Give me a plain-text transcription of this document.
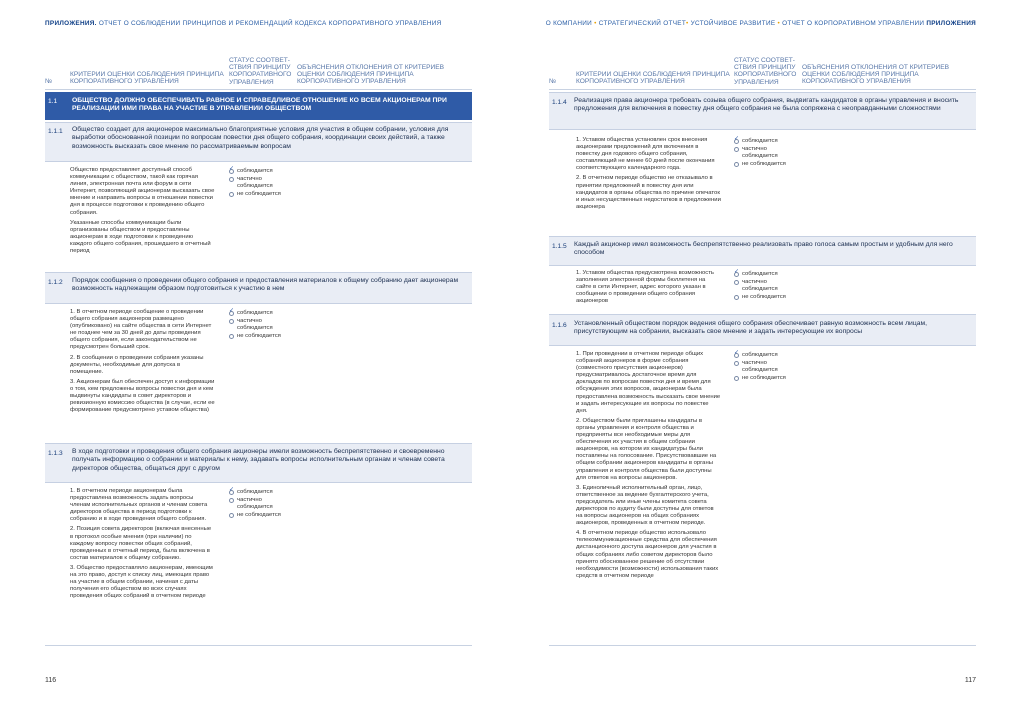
ПРИЛОЖЕНИЯ. ОТЧЕТ О СОБЛЮДЕНИИ ПРИНЦИПОВ И РЕКОМЕНДАЦИЙ КОДЕКСА КОРПОРАТИВНОГО УПРАВЛЕНИЯ
№
КРИТЕРИИ ОЦЕНКИ СОБЛЮДЕНИЯ ПРИНЦИПА КОРПОРАТИВНОГО УПРАВЛЕНИЯ
СТАТУС СООТВЕТ-СТВИЯ ПРИНЦИПУ КОРПОРАТИВНОГО УПРАВЛЕНИЯ
ОБЪЯСНЕНИЯ ОТКЛОНЕНИЯ ОТ КРИТЕРИЕВ ОЦЕНКИ СОБЛЮДЕНИЯ ПРИНЦИПА КОРПОРАТИВНОГО УПРАВЛЕНИЯ
1.1 ОБЩЕСТВО ДОЛЖНО ОБЕСПЕЧИВАТЬ РАВНОЕ И СПРАВЕДЛИВОЕ ОТНОШЕНИЕ КО ВСЕМ АКЦИОНЕРАМ ПРИ РЕАЛИЗАЦИИ ИМИ ПРАВА НА УЧАСТИЕ В УПРАВЛЕНИИ ОБЩЕСТВОМ
1.1.1 Общество создает для акционеров максимально благоприятные условия для участия в общем собрании, условия для выработки обоснованной позиции по вопросам повестки дня общего собрания, координации своих действий, а также возможность высказать свое мнение по рассматриваемым вопросам

Общество предоставляет доступный способ коммуникации с обществом, такой как горячая линия, электронная почта или форум в сети Интернет, позволяющий акционерам высказать свое мнение и направить вопросы в отношении повестки дня в процессе подготовки к проведению общего собрания.

Указанные способы коммуникации были организованы обществом и предоставлены акционерам в ходе подготовки к проведению каждого общего собрания, прошедшего в отчетный период

✓
соблюдается
частично соблюдается
не соблюдается
1.1.2 Порядок сообщения о проведении общего собрания и предоставления материалов к общему собранию дает акционерам возможность надлежащим образом подготовиться к участию в нем

1. В отчетном периоде сообщение о проведении общего собрания акционеров размещено (опубликовано) на сайте общества в сети Интернет не позднее чем за 30 дней до даты проведения общего собрания, если законодательством не предусмотрен больший срок.

2. В сообщении о проведении собрания указаны документы, необходимые для допуска в помещение.

3. Акционерам был обеспечен доступ к информации о том, кем предложены вопросы повестки дня и кем выдвинуты кандидаты в совет директоров и ревизионную комиссию общества (в случае, если ее формирование предусмотрено уставом общества)

✓
соблюдается
частично соблюдается
не соблюдается
1.1.3 В ходе подготовки и проведения общего собрания акционеры имели возможность беспрепятственно и своевременно получать информацию о собрании и материалы к нему, задавать вопросы исполнительным органам и членам совета директоров общества, общаться друг с другом

1. В отчетном периоде акционерам была предоставлена возможность задать вопросы членам исполнительных органов и членам совета директоров общества в период подготовки к собранию и в ходе проведения общего собрания.

2. Позиция совета директоров (включая внесенные в протокол особые мнения (при наличии) по каждому вопросу повестки общих собраний, проведенных в отчетный период, была включена в состав материалов к общему собранию.

3. Общество предоставляло акционерам, имеющим на это право, доступ к списку лиц, имеющих право на участие в общем собрании, начиная с даты получения его обществом во всех случаях проведения общих собраний в отчетном периоде

✓
соблюдается
частично соблюдается
не соблюдается
116
О КОМПАНИИ • СТРАТЕГИЧЕСКИЙ ОТЧЕТ• УСТОЙЧИВОЕ РАЗВИТИЕ • ОТЧЕТ О КОРПОРАТИВНОМ УПРАВЛЕНИИ ПРИЛОЖЕНИЯ
№
КРИТЕРИИ ОЦЕНКИ СОБЛЮДЕНИЯ ПРИНЦИПА КОРПОРАТИВНОГО УПРАВЛЕНИЯ
СТАТУС СООТВЕТ-СТВИЯ ПРИНЦИПУ КОРПОРАТИВНОГО УПРАВЛЕНИЯ
ОБЪЯСНЕНИЯ ОТКЛОНЕНИЯ ОТ КРИТЕРИЕВ ОЦЕНКИ СОБЛЮДЕНИЯ ПРИНЦИПА КОРПОРАТИВНОГО УПРАВЛЕНИЯ
1.1.4 Реализация права акционера требовать созыва общего собрания, выдвигать кандидатов в органы управления и вносить предложения для включения в повестку дня общего собрания не была сопряжена с неоправданными сложностями

1. Уставом общества установлен срок внесения акционерами предложений для включения в повестку дня годового общего собрания, составляющий не менее 60 дней после окончания соответствующего календарного года.

2. В отчетном периоде общество не отказывало в принятии предложений в повестку дня или кандидатов в органы общества по причине опечаток и иных несущественных недостатков в предложении акционера

✓
соблюдается
частично соблюдается
не соблюдается
1.1.5 Каждый акционер имел возможность беспрепятственно реализовать право голоса самым простым и удобным для него способом

1. Уставом общества предусмотрена возможность заполнения электронной формы бюллетеня на сайте в сети Интернет, адрес которого указан в сообщении о проведении общего собрания акционеров

✓
соблюдается
частично соблюдается
не соблюдается
1.1.6 Установленный обществом порядок ведения общего собрания обеспечивает равную возможность всем лицам, присутствующим на собрании, высказать свое мнение и задать интересующие их вопросы

1. При проведении в отчетном периоде общих собраний акционеров в форме собрания (совместного присутствия акционеров) предусматривалось достаточное время для докладов по вопросам повестки дня и время для обсуждения этих вопросов, акционерам была предоставлена возможность высказать свое мнение и задать интересующие их вопросы по повестке дня.

2. Обществом были приглашены кандидаты в органы управления и контроля общества и предприняты все необходимые меры для обеспечения их участия в общем собрании акционеров, на котором их кандидатуры были поставлены на голосование. Присутствовавшие на общем собрании акционеров кандидаты в органы управления и контроля общества были доступны для ответов на вопросы акционеров.

3. Единоличный исполнительный орган, лицо, ответственное за ведение бухгалтерского учета, председатель или иные члены комитета совета директоров по аудиту были доступны для ответов на вопросы акционеров на общих собраниях акционеров, проведенных в отчетном периоде.

4. В отчетном периоде общество использовало телекоммуникационные средства для обеспечения дистанционного доступа акционеров для участия в общих собраниях либо советом директоров было принято обоснованное решение об отсутствии необходимости (возможности) использования таких средств в отчетном периоде

✓
соблюдается
частично соблюдается
не соблюдается
117
